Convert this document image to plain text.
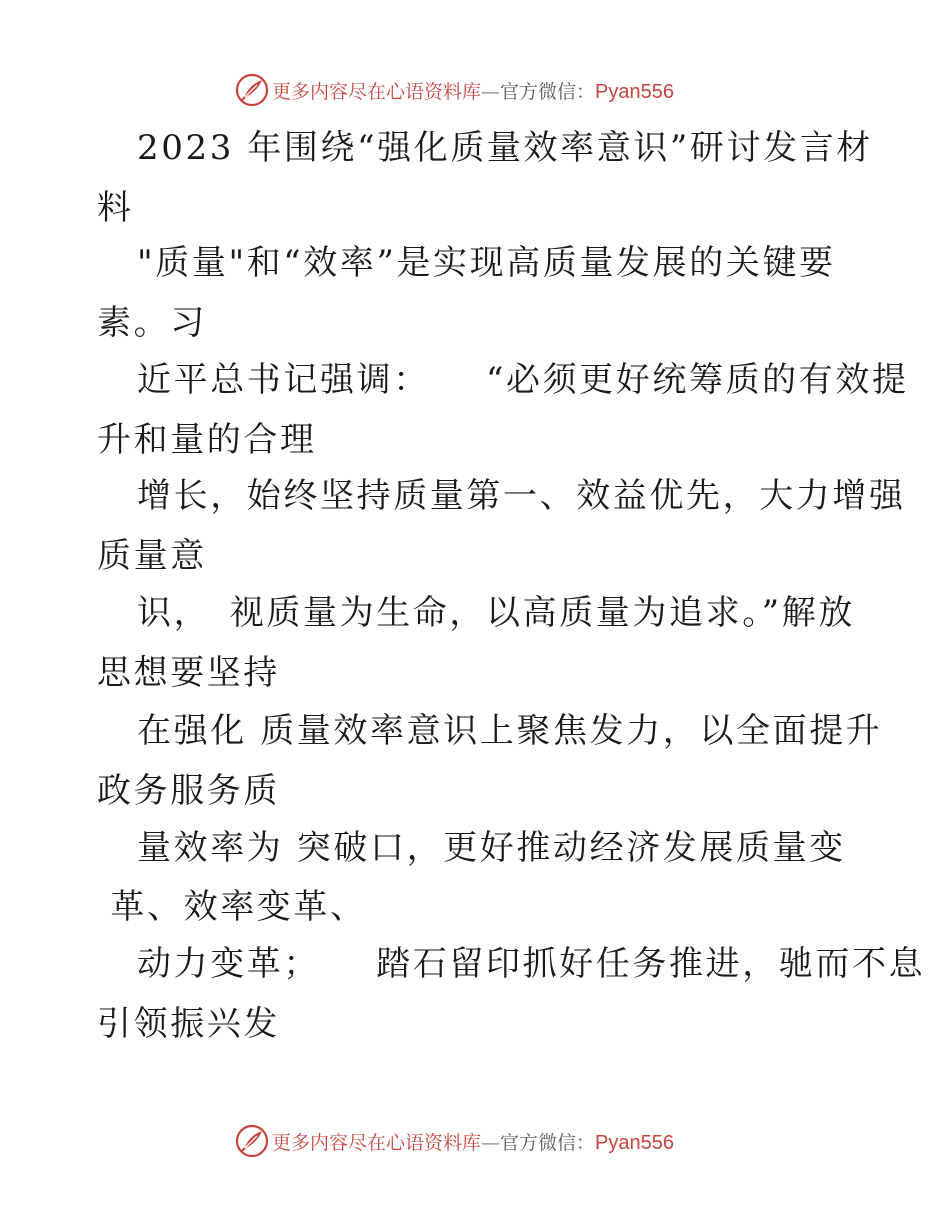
更多内容尽在心语资料库—官方微信：Pyan556
2023 年围绕“强化质量效率意识”研讨发言材
料
"质量"和“效率”是实现高质量发展的关键要
素。习
近平总书记强调：　　“必须更好统筹质的有效提
升和量的合理
增长，始终坚持质量第一、效益优先，大力增强
质量意
识，　视质量为生命，以高质量为追求。”解放
思想要坚持
在强化 质量效率意识上聚焦发力，以全面提升
政务服务质
量效率为 突破口，更好推动经济发展质量变
革、效率变革、
动力变革；　　踏石留印抓好任务推进，驰而不息
引领振兴发
更多内容尽在心语资料库—官方微信：Pyan556
